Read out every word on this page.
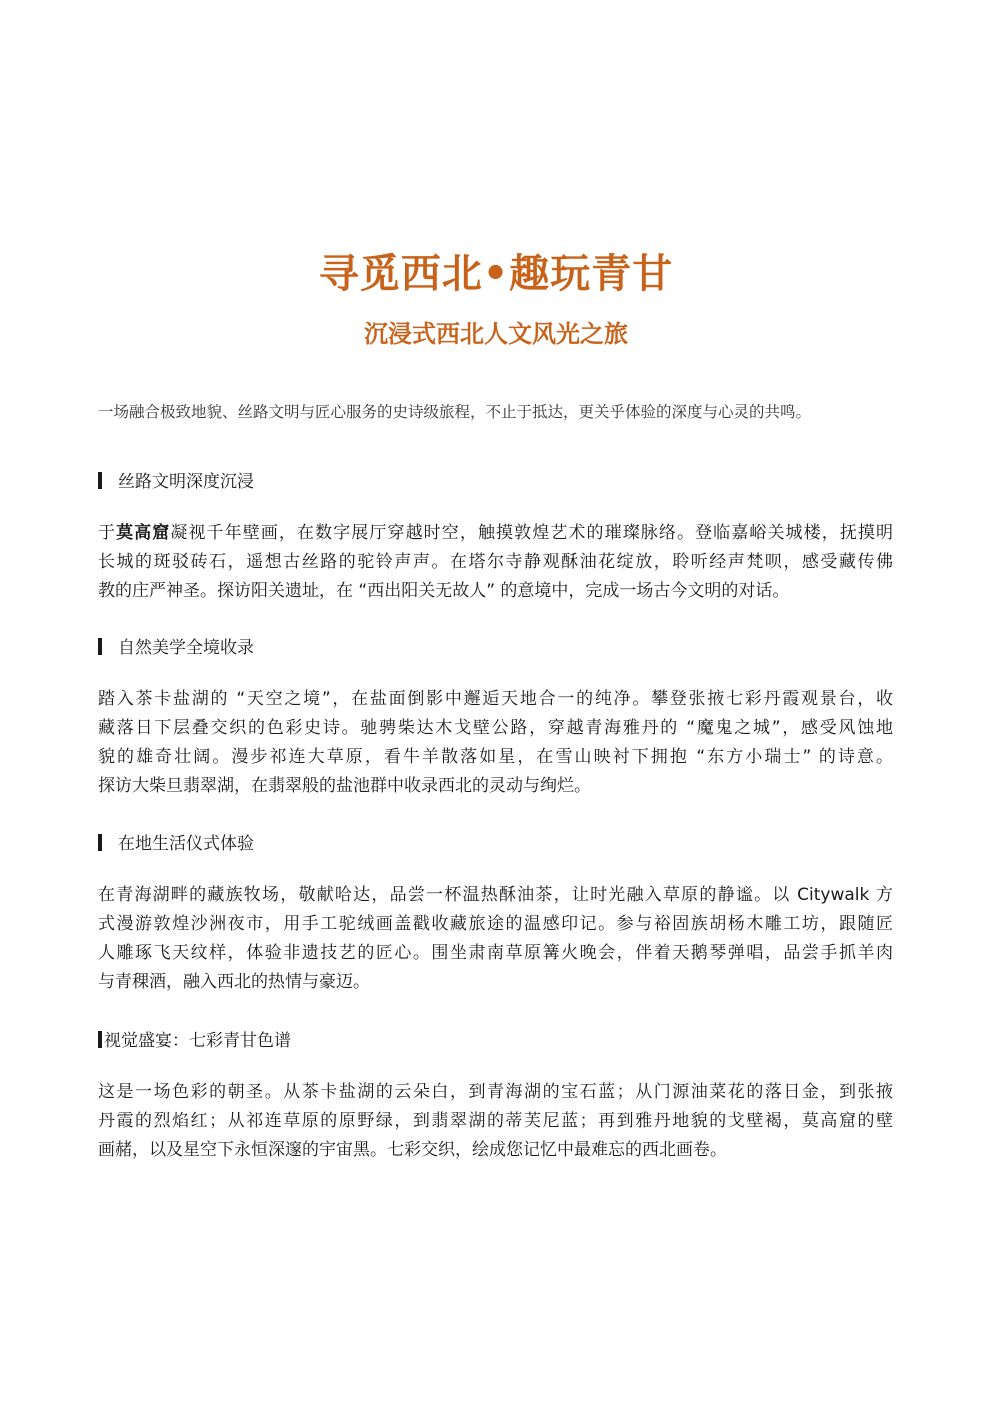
寻觅西北•趣玩青甘
沉浸式西北人文风光之旅
一场融合极致地貌、丝路文明与匠心服务的史诗级旅程，不止于抵达，更关乎体验的深度与心灵的共鸣。
丝路文明深度沉浸
于莫高窟凝视千年壁画，在数字展厅穿越时空，触摸敦煌艺术的璀璨脉络。登临嘉峪关城楼，抚摸明
长城的斑驳砖石，遥想古丝路的驼铃声声。在塔尔寺静观酥油花绽放，聆听经声梵呗，感受藏传佛
教的庄严神圣。探访阳关遗址，在 “西出阳关无故人” 的意境中，完成一场古今文明的对话。
自然美学全境收录
踏入茶卡盐湖的 “天空之境”，在盐面倒影中邂逅天地合一的纯净。攀登张掖七彩丹霞观景台，收
藏落日下层叠交织的色彩史诗。驰骋柴达木戈壁公路，穿越青海雅丹的 “魔鬼之城”，感受风蚀地
貌的雄奇壮阔。漫步祁连大草原，看牛羊散落如星，在雪山映衬下拥抱 “东方小瑞士” 的诗意。
探访大柴旦翡翠湖，在翡翠般的盐池群中收录西北的灵动与绚烂。
在地生活仪式体验
在青海湖畔的藏族牧场，敬献哈达，品尝一杯温热酥油茶，让时光融入草原的静谧。以 Citywalk 方
式漫游敦煌沙洲夜市，用手工驼绒画盖戳收藏旅途的温感印记。参与裕固族胡杨木雕工坊，跟随匠
人雕琢飞天纹样，体验非遗技艺的匠心。围坐肃南草原篝火晚会，伴着天鹅琴弹唱，品尝手抓羊肉
与青稞酒，融入西北的热情与豪迈。
视觉盛宴：七彩青甘色谱
这是一场色彩的朝圣。从茶卡盐湖的云朵白，到青海湖的宝石蓝；从门源油菜花的落日金，到张掖
丹霞的烈焰红；从祁连草原的原野绿，到翡翠湖的蒂芙尼蓝；再到雅丹地貌的戈壁褐，莫高窟的壁
画赭，以及星空下永恒深邃的宇宙黑。七彩交织，绘成您记忆中最难忘的西北画卷。
